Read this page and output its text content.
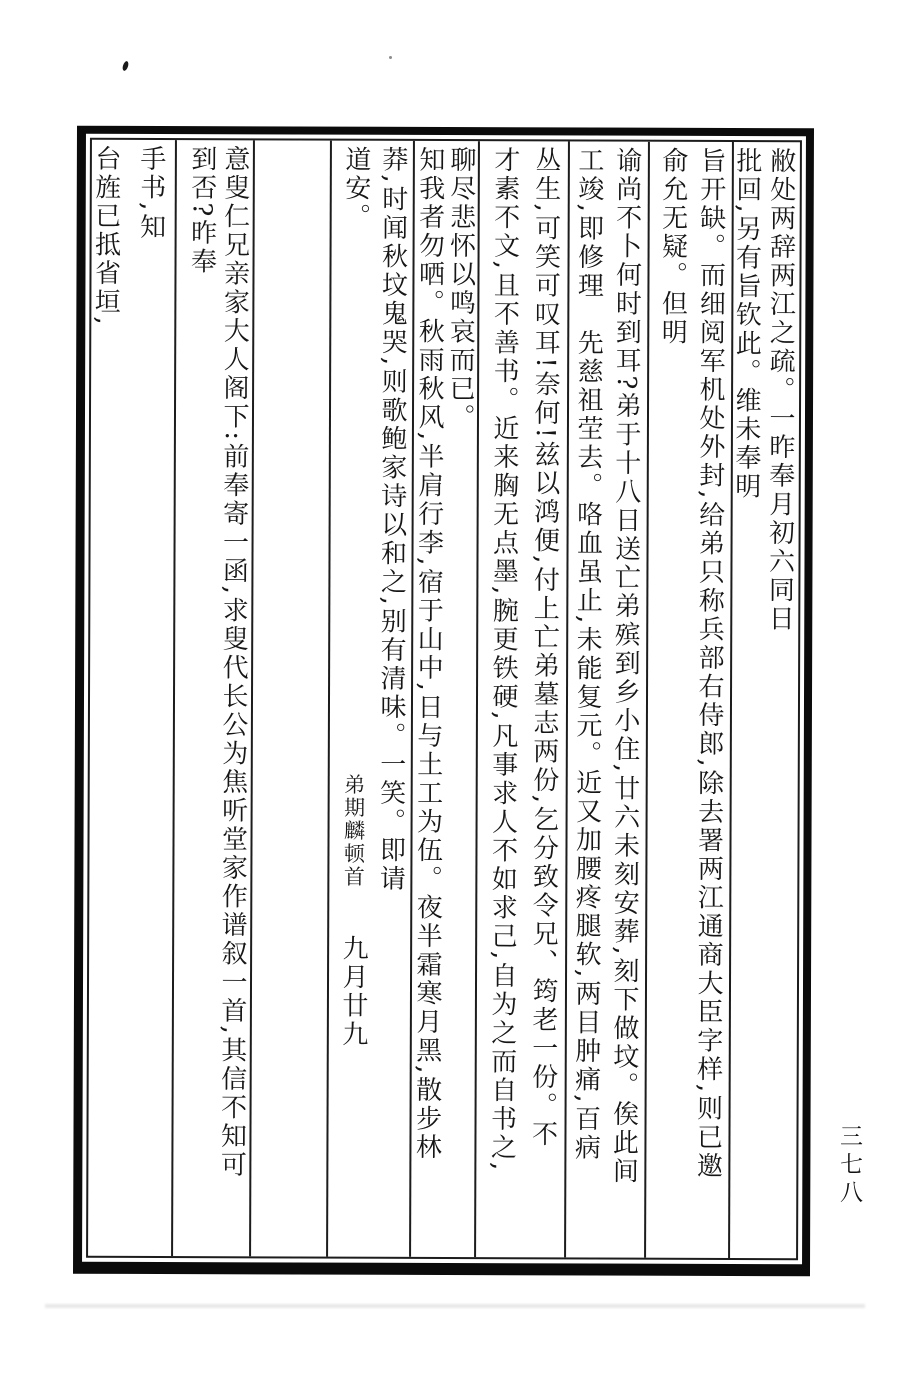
敝处两辞两江之疏。一昨奉月初六同日

批回,另有旨钦此。维未奉明

旨开缺。而细阅军机处外封,给弟只称兵部右侍郎,除去署两江通商大臣字样,则已邀

俞允无疑。但明

谕尚不卜何时到耳?弟于十八日送亡弟殡到乡小住,廿六未刻安葬,刻下做坟。俟此间

工竣,即修理　先慈祖茔去。咯血虽止,未能复元。近又加腰疼腿软,两目肿痛,百病

丛生,可笑可叹耳!奈何!兹以鸿便,付上亡弟墓志两份,乞分致令兄、筠老一份。不

才素不文,且不善书。近来胸无点墨,腕更铁硬,凡事求人不如求己,自为之而自书之,

聊尽悲怀以鸣哀而已。

知我者勿哂。秋雨秋风,半肩行李,宿于山中,日与土工为伍。夜半霜寒月黑,散步林

莽,时闻秋坟鬼哭,则歌鲍家诗以和之,别有清味。一笑。即请

道安。弟期麟顿首九月廿九

意叟仁兄亲家大人阁下:前奉寄一函,求叟代长公为焦听堂家作谱叙一首,其信不知可

到否?昨奉

手书,知

台旌已抵省垣,

三七八
